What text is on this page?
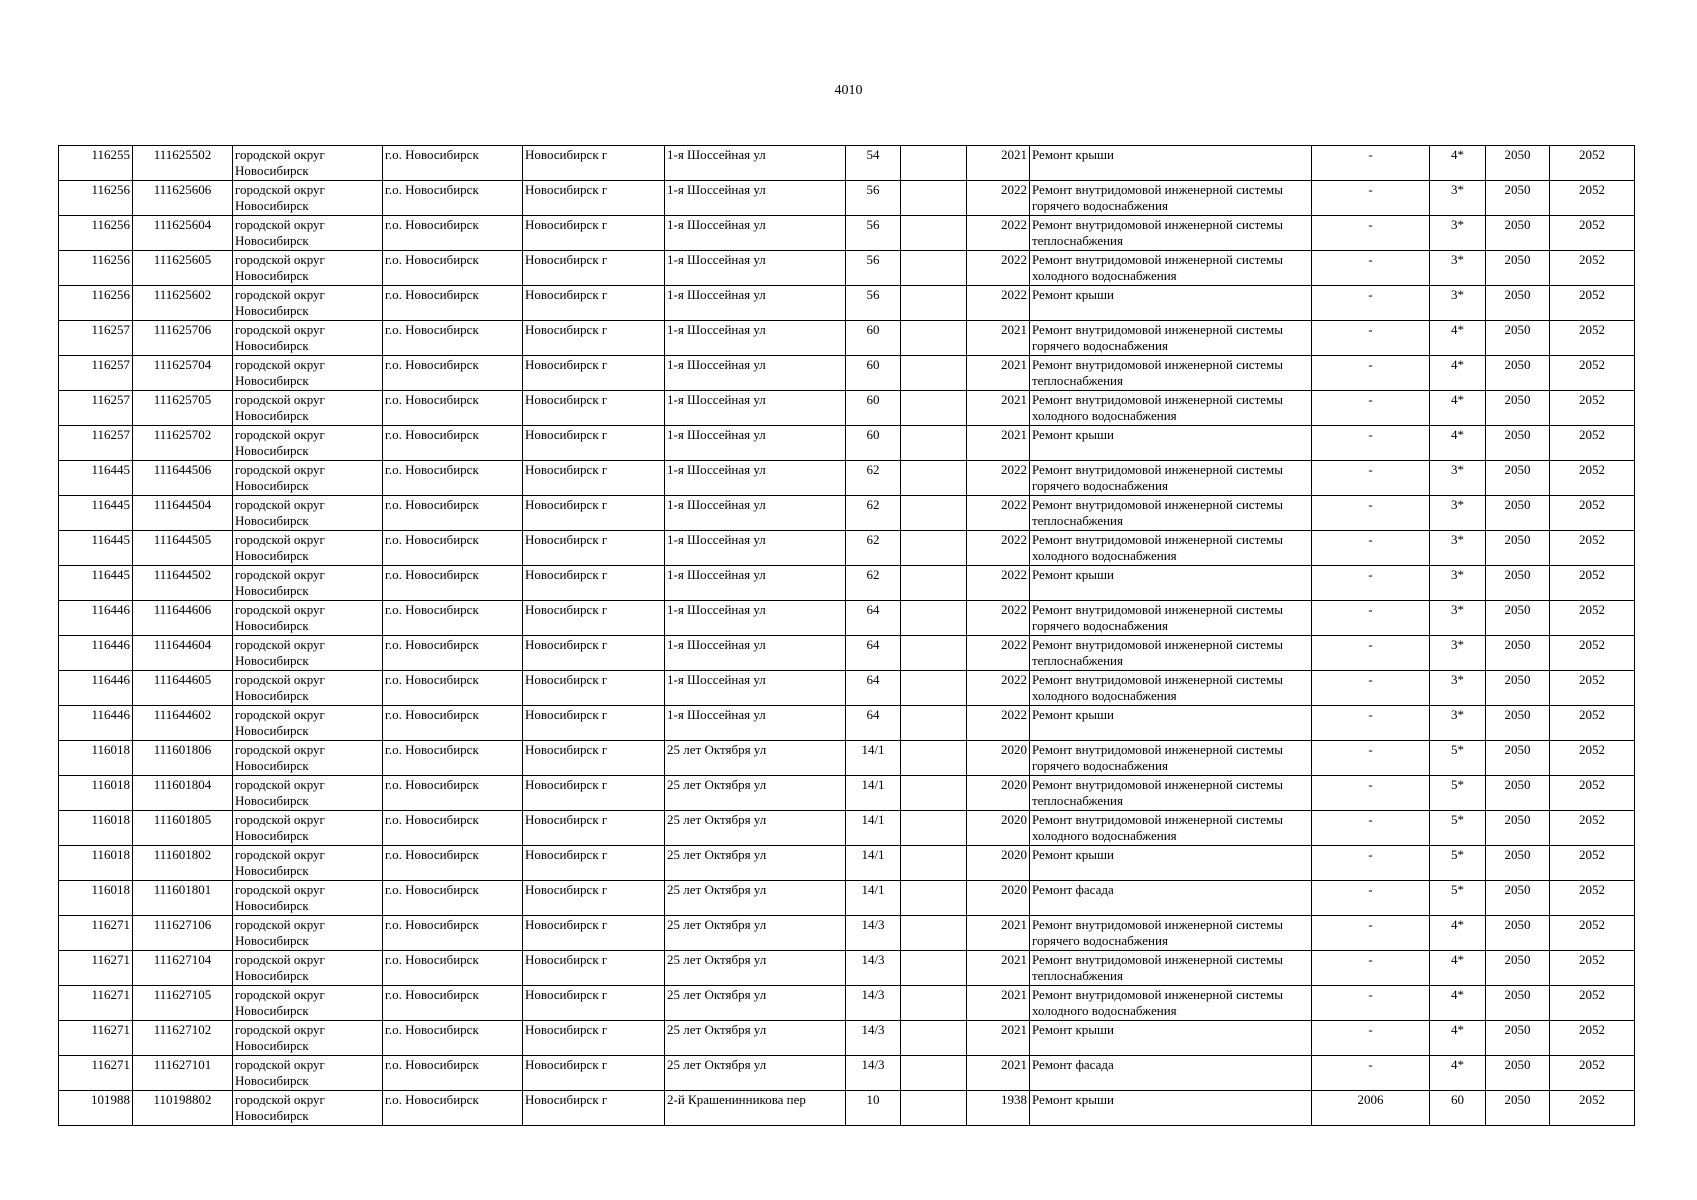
4010
116255	111625502	городской округ Новосибирск	г.о. Новосибирск	Новосибирск г	1-я Шоссейная ул	54		2021	Ремонт крыши	-	4*	2050	2052
116256	111625606	городской округ Новосибирск	г.о. Новосибирск	Новосибирск г	1-я Шоссейная ул	56		2022	Ремонт внутридомовой инженерной системы горячего водоснабжения	-	3*	2050	2052
116256	111625604	городской округ Новосибирск	г.о. Новосибирск	Новосибирск г	1-я Шоссейная ул	56		2022	Ремонт внутридомовой инженерной системы теплоснабжения	-	3*	2050	2052
116256	111625605	городской округ Новосибирск	г.о. Новосибирск	Новосибирск г	1-я Шоссейная ул	56		2022	Ремонт внутридомовой инженерной системы холодного водоснабжения	-	3*	2050	2052
116256	111625602	городской округ Новосибирск	г.о. Новосибирск	Новосибирск г	1-я Шоссейная ул	56		2022	Ремонт крыши	-	3*	2050	2052
116257	111625706	городской округ Новосибирск	г.о. Новосибирск	Новосибирск г	1-я Шоссейная ул	60		2021	Ремонт внутридомовой инженерной системы горячего водоснабжения	-	4*	2050	2052
116257	111625704	городской округ Новосибирск	г.о. Новосибирск	Новосибирск г	1-я Шоссейная ул	60		2021	Ремонт внутридомовой инженерной системы теплоснабжения	-	4*	2050	2052
116257	111625705	городской округ Новосибирск	г.о. Новосибирск	Новосибирск г	1-я Шоссейная ул	60		2021	Ремонт внутридомовой инженерной системы холодного водоснабжения	-	4*	2050	2052
116257	111625702	городской округ Новосибирск	г.о. Новосибирск	Новосибирск г	1-я Шоссейная ул	60		2021	Ремонт крыши	-	4*	2050	2052
116445	111644506	городской округ Новосибирск	г.о. Новосибирск	Новосибирск г	1-я Шоссейная ул	62		2022	Ремонт внутридомовой инженерной системы горячего водоснабжения	-	3*	2050	2052
116445	111644504	городской округ Новосибирск	г.о. Новосибирск	Новосибирск г	1-я Шоссейная ул	62		2022	Ремонт внутридомовой инженерной системы теплоснабжения	-	3*	2050	2052
116445	111644505	городской округ Новосибирск	г.о. Новосибирск	Новосибирск г	1-я Шоссейная ул	62		2022	Ремонт внутридомовой инженерной системы холодного водоснабжения	-	3*	2050	2052
116445	111644502	городской округ Новосибирск	г.о. Новосибирск	Новосибирск г	1-я Шоссейная ул	62		2022	Ремонт крыши	-	3*	2050	2052
116446	111644606	городской округ Новосибирск	г.о. Новосибирск	Новосибирск г	1-я Шоссейная ул	64		2022	Ремонт внутридомовой инженерной системы горячего водоснабжения	-	3*	2050	2052
116446	111644604	городской округ Новосибирск	г.о. Новосибирск	Новосибирск г	1-я Шоссейная ул	64		2022	Ремонт внутридомовой инженерной системы теплоснабжения	-	3*	2050	2052
116446	111644605	городской округ Новосибирск	г.о. Новосибирск	Новосибирск г	1-я Шоссейная ул	64		2022	Ремонт внутридомовой инженерной системы холодного водоснабжения	-	3*	2050	2052
116446	111644602	городской округ Новосибирск	г.о. Новосибирск	Новосибирск г	1-я Шоссейная ул	64		2022	Ремонт крыши	-	3*	2050	2052
116018	111601806	городской округ Новосибирск	г.о. Новосибирск	Новосибирск г	25 лет Октября ул	14/1		2020	Ремонт внутридомовой инженерной системы горячего водоснабжения	-	5*	2050	2052
116018	111601804	городской округ Новосибирск	г.о. Новосибирск	Новосибирск г	25 лет Октября ул	14/1		2020	Ремонт внутридомовой инженерной системы теплоснабжения	-	5*	2050	2052
116018	111601805	городской округ Новосибирск	г.о. Новосибирск	Новосибирск г	25 лет Октября ул	14/1		2020	Ремонт внутридомовой инженерной системы холодного водоснабжения	-	5*	2050	2052
116018	111601802	городской округ Новосибирск	г.о. Новосибирск	Новосибирск г	25 лет Октября ул	14/1		2020	Ремонт крыши	-	5*	2050	2052
116018	111601801	городской округ Новосибирск	г.о. Новосибирск	Новосибирск г	25 лет Октября ул	14/1		2020	Ремонт фасада	-	5*	2050	2052
116271	111627106	городской округ Новосибирск	г.о. Новосибирск	Новосибирск г	25 лет Октября ул	14/3		2021	Ремонт внутридомовой инженерной системы горячего водоснабжения	-	4*	2050	2052
116271	111627104	городской округ Новосибирск	г.о. Новосибирск	Новосибирск г	25 лет Октября ул	14/3		2021	Ремонт внутридомовой инженерной системы теплоснабжения	-	4*	2050	2052
116271	111627105	городской округ Новосибирск	г.о. Новосибирск	Новосибирск г	25 лет Октября ул	14/3		2021	Ремонт внутридомовой инженерной системы холодного водоснабжения	-	4*	2050	2052
116271	111627102	городской округ Новосибирск	г.о. Новосибирск	Новосибирск г	25 лет Октября ул	14/3		2021	Ремонт крыши	-	4*	2050	2052
116271	111627101	городской округ Новосибирск	г.о. Новосибирск	Новосибирск г	25 лет Октября ул	14/3		2021	Ремонт фасада	-	4*	2050	2052
101988	110198802	городской округ Новосибирск	г.о. Новосибирск	Новосибирск г	2-й Крашенинникова пер	10		1938	Ремонт крыши	2006	60	2050	2052
